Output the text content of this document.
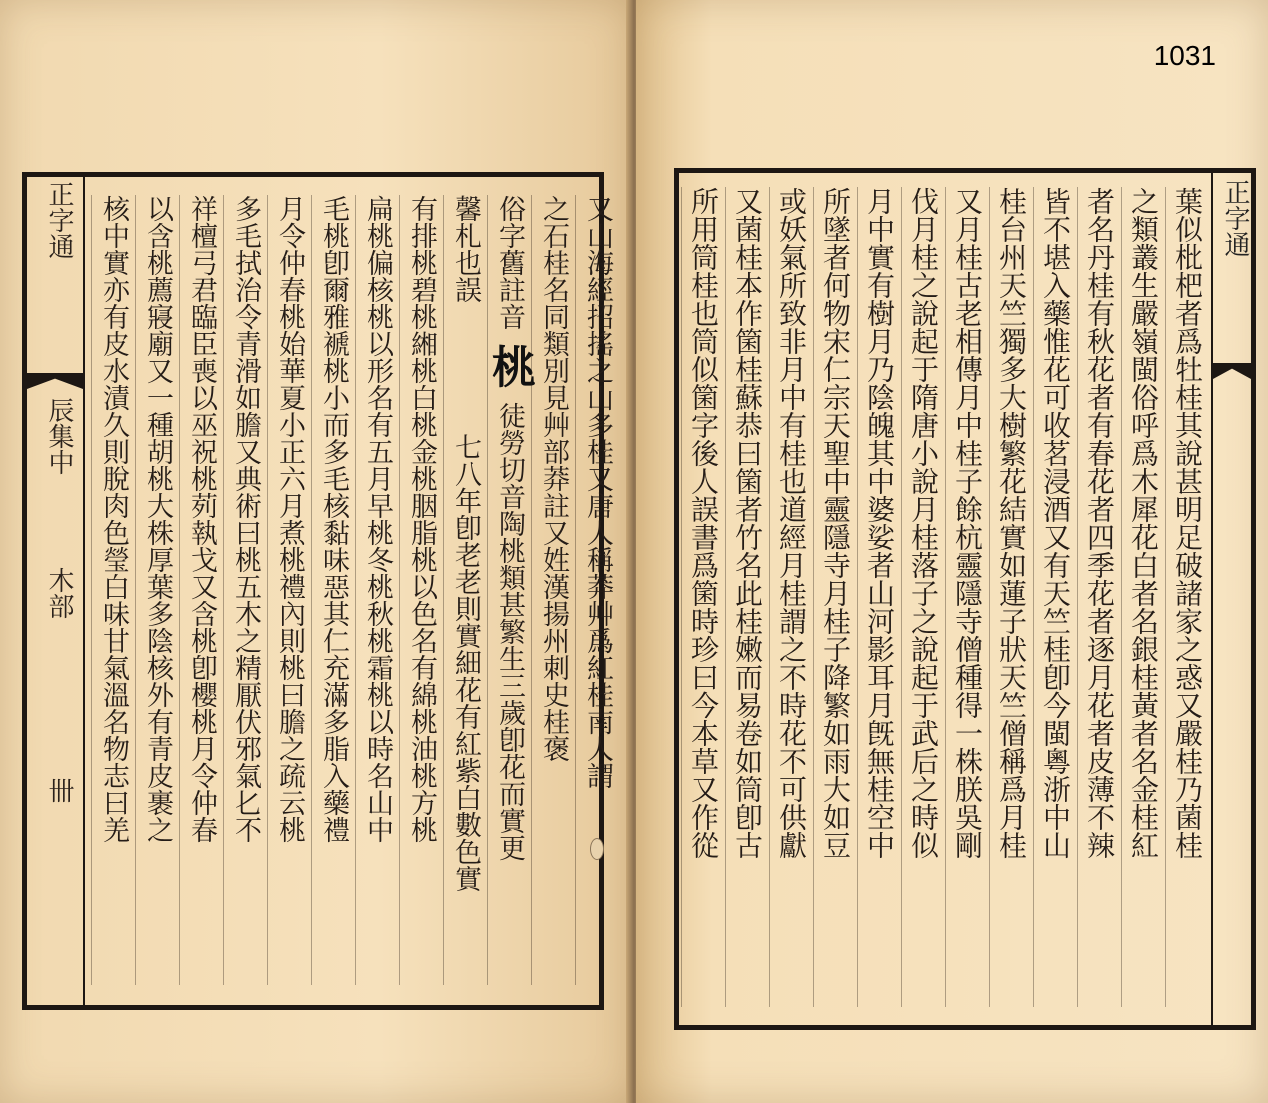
正字通
辰集中
木部
卌
又山海經招搖之山多桂又唐人稱莽艸爲紅桂南人謂
之石桂名同類別見艸部莽註又姓漢揚州刺史桂褒
俗字舊註音
桃
徒勞切音陶桃類甚繁生三歲卽花而實更
馨札也誤
七八年卽老老則實細花有紅紫白數色實
有排桃碧桃緗桃白桃金桃胭脂桃以色名有綿桃油桃方桃
扁桃偏核桃以形名有五月早桃冬桃秋桃霜桃以時名山中
毛桃卽爾雅褫桃小而多毛核黏味惡其仁充滿多脂入藥禮
月令仲春桃始華夏小正六月煮桃禮內則桃曰膽之疏云桃
多毛拭治令青滑如膽又典術曰桃五木之精厭伏邪氣𠤎不
祥檀弓君臨臣喪以巫祝桃茢執戈又含桃卽櫻桃月令仲春
以含桃薦寢廟又一種胡桃大株厚葉多陰核外有青皮裹之
核中實亦有皮水漬久則脫肉色瑩白味甘氣溫名物志曰羌	正字通
葉似枇杷者爲牡桂其說甚明足破諸家之惑又嚴桂乃菌桂
之類叢生嚴嶺閩俗呼爲木犀花白者名銀桂黃者名金桂紅
者名丹桂有秋花者有春花者四季花者逐月花者皮薄不辣
皆不堪入藥惟花可收茗浸酒又有天竺桂卽今閩粵浙中山
桂台州天竺獨多大樹繁花結實如蓮子狀天竺僧稱爲月桂
又月桂古老相傳月中桂子餘杭靈隱寺僧種得一株朕吳剛
伐月桂之說起于隋唐小說月桂落子之說起于武后之時似
月中實有樹月乃陰魄其中婆娑者山河影耳月旣無桂空中
所墜者何物宋仁宗天聖中靈隱寺月桂子降繁如雨大如豆
或妖氣所致非月中有桂也道經月桂謂之不時花不可供獻
又菌桂本作箘桂蘇恭曰箘者竹名此桂嫩而易卷如筒卽古
所用筒桂也筒似箘字後人誤書爲箘時珍曰今本草又作從
1031
